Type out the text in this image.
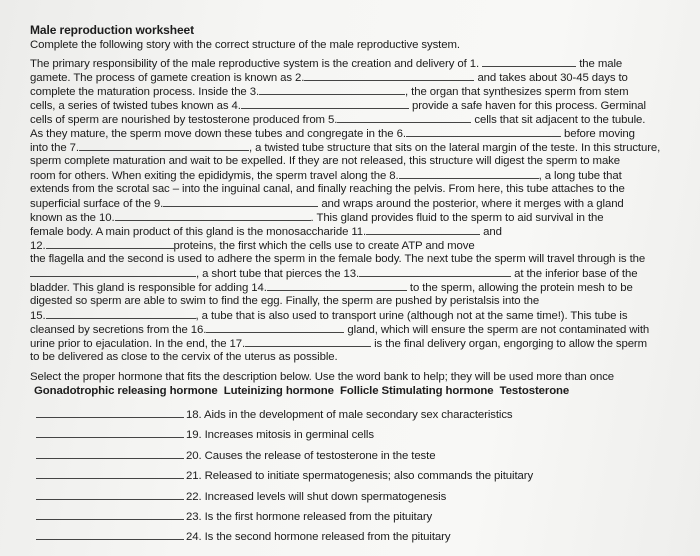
Male reproduction worksheet
Complete the following story with the correct structure of the male reproductive system.
The primary responsibility of the male reproductive system is the creation and delivery of 1.	the male
gamete. The process of gamete creation is known as 2.	and takes about 30-45 days to
complete the maturation process. Inside the 3.	, the organ that synthesizes sperm from stem
cells, a series of twisted tubes known as 4.	provide a safe haven for this process. Germinal
cells of sperm are nourished by testosterone produced from 5.	cells that sit adjacent to the tubule.
As they mature, the sperm move down these tubes and congregate in the 6.	before moving
into the 7.	, a twisted tube structure that sits on the lateral margin of the teste. In this structure,
sperm complete maturation and wait to be expelled. If they are not released, this structure will digest the sperm to make
room for others. When exiting the epididymis, the sperm travel along the 8.	, a long tube that
extends from the scrotal sac – into the inguinal canal, and finally reaching the pelvis. From here, this tube attaches to the
superficial surface of the 9.	and wraps around the posterior, where it merges with a gland
known as the 10.	. This gland provides fluid to the sperm to aid survival in the
female body. A main product of this gland is the monosaccharide 11.	and
12.	proteins, the first which the cells use to create ATP and move
the flagella and the second is used to adhere the sperm in the female body. The next tube the sperm will travel through is the
, a short tube that pierces the 13.	at the inferior base of the
bladder. This gland is responsible for adding 14.	to the sperm, allowing the protein mesh to be
digested so sperm are able to swim to find the egg. Finally, the sperm are pushed by peristalsis into the
15.	, a tube that is also used to transport urine (although not at the same time!). This tube is
cleansed by secretions from the 16.	gland, which will ensure the sperm are not contaminated with
urine prior to ejaculation. In the end, the 17.	is the final delivery organ, engorging to allow the sperm
to be delivered as close to the cervix of the uterus as possible.
Select the proper hormone that fits the description below. Use the word bank to help; they will be used more than once
Gonadotrophic releasing hormone Luteinizing hormone Follicle Stimulating hormone Testosterone
18. Aids in the development of male secondary sex characteristics
19. Increases mitosis in germinal cells
20. Causes the release of testosterone in the teste
21. Released to initiate spermatogenesis; also commands the pituitary
22. Increased levels will shut down spermatogenesis
23. Is the first hormone released from the pituitary
24. Is the second hormone released from the pituitary
